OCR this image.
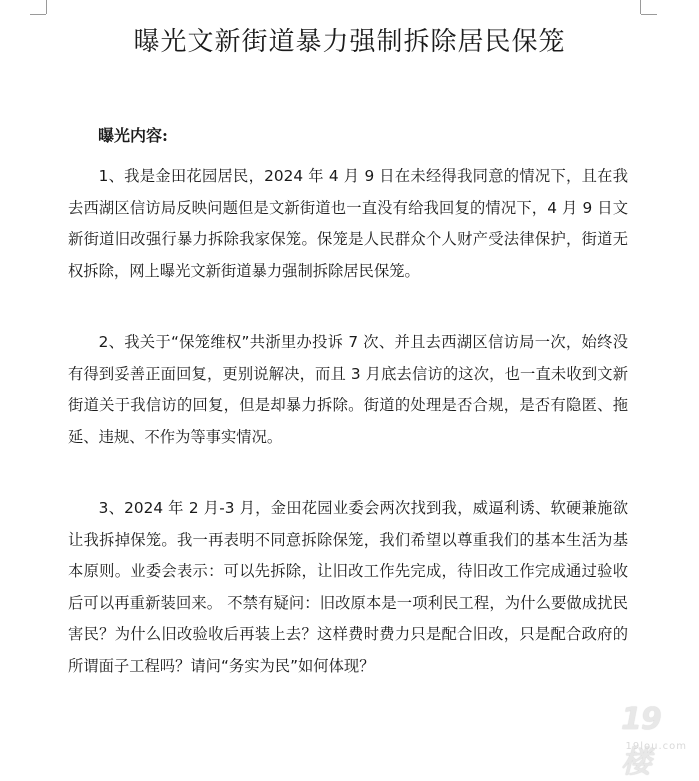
曝光文新街道暴力强制拆除居民保笼
曝光内容:

1、我是金田花园居民，2024 年 4 月 9 日在未经得我同意的情况下，且在我去西湖区信访局反映问题但是文新街道也一直没有给我回复的情况下，4 月 9 日文新街道旧改强行暴力拆除我家保笼。保笼是人民群众个人财产受法律保护，街道无权拆除，网上曝光文新街道暴力强制拆除居民保笼。

2、我关于“保笼维权”共浙里办投诉 7 次、并且去西湖区信访局一次，始终没有得到妥善正面回复，更别说解决，而且 3 月底去信访的这次，也一直未收到文新街道关于我信访的回复，但是却暴力拆除。街道的处理是否合规，是否有隐匿、拖延、违规、不作为等事实情况。

3、2024 年 2 月-3 月，金田花园业委会两次找到我，威逼利诱、软硬兼施欲让我拆掉保笼。我一再表明不同意拆除保笼，我们希望以尊重我们的基本生活为基本原则。业委会表示：可以先拆除，让旧改工作先完成，待旧改工作完成通过验收后可以再重新装回来。 不禁有疑问：旧改原本是一项利民工程，为什么要做成扰民害民？为什么旧改验收后再装上去？这样费时费力只是配合旧改，只是配合政府的所谓面子工程吗？请问“务实为民”如何体现？

19楼
19lou.com
